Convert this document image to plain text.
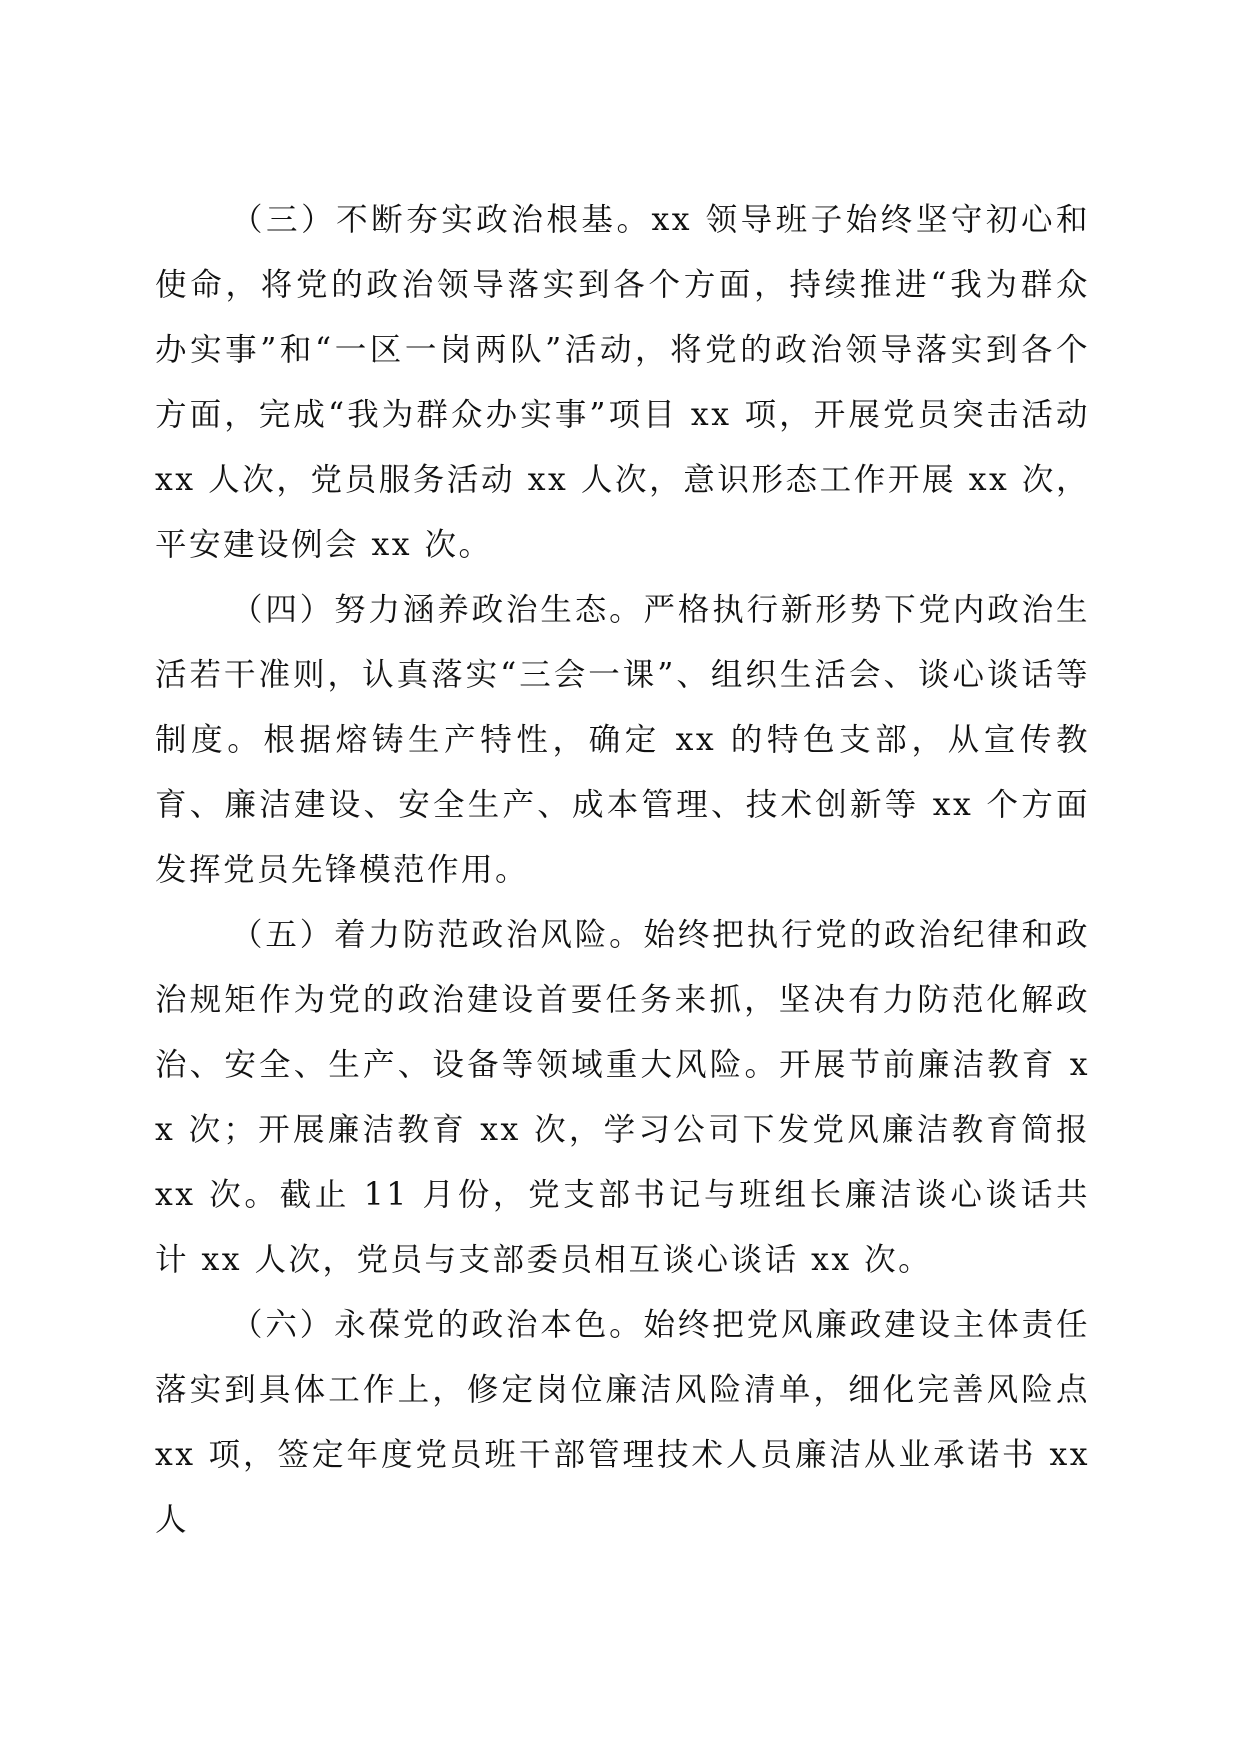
（三）不断夯实政治根基。xx 领导班子始终坚守初心和使命，将党的政治领导落实到各个方面，持续推进“我为群众办实事”和“一区一岗两队”活动，将党的政治领导落实到各个方面，完成“我为群众办实事”项目 xx 项，开展党员突击活动 xx 人次，党员服务活动 xx 人次，意识形态工作开展 xx 次，平安建设例会 xx 次。

（四）努力涵养政治生态。严格执行新形势下党内政治生活若干准则，认真落实“三会一课”、组织生活会、谈心谈话等制度。根据熔铸生产特性，确定 xx 的特色支部，从宣传教育、廉洁建设、安全生产、成本管理、技术创新等 xx 个方面发挥党员先锋模范作用。

（五）着力防范政治风险。始终把执行党的政治纪律和政治规矩作为党的政治建设首要任务来抓，坚决有力防范化解政治、安全、生产、设备等领域重大风险。开展节前廉洁教育 xx 次；开展廉洁教育 xx 次，学习公司下发党风廉洁教育简报 xx 次。截止 11 月份，党支部书记与班组长廉洁谈心谈话共计 xx 人次，党员与支部委员相互谈心谈话 xx 次。

（六）永葆党的政治本色。始终把党风廉政建设主体责任落实到具体工作上，修定岗位廉洁风险清单，细化完善风险点 xx 项，签定年度党员班干部管理技术人员廉洁从业承诺书 xx 人
